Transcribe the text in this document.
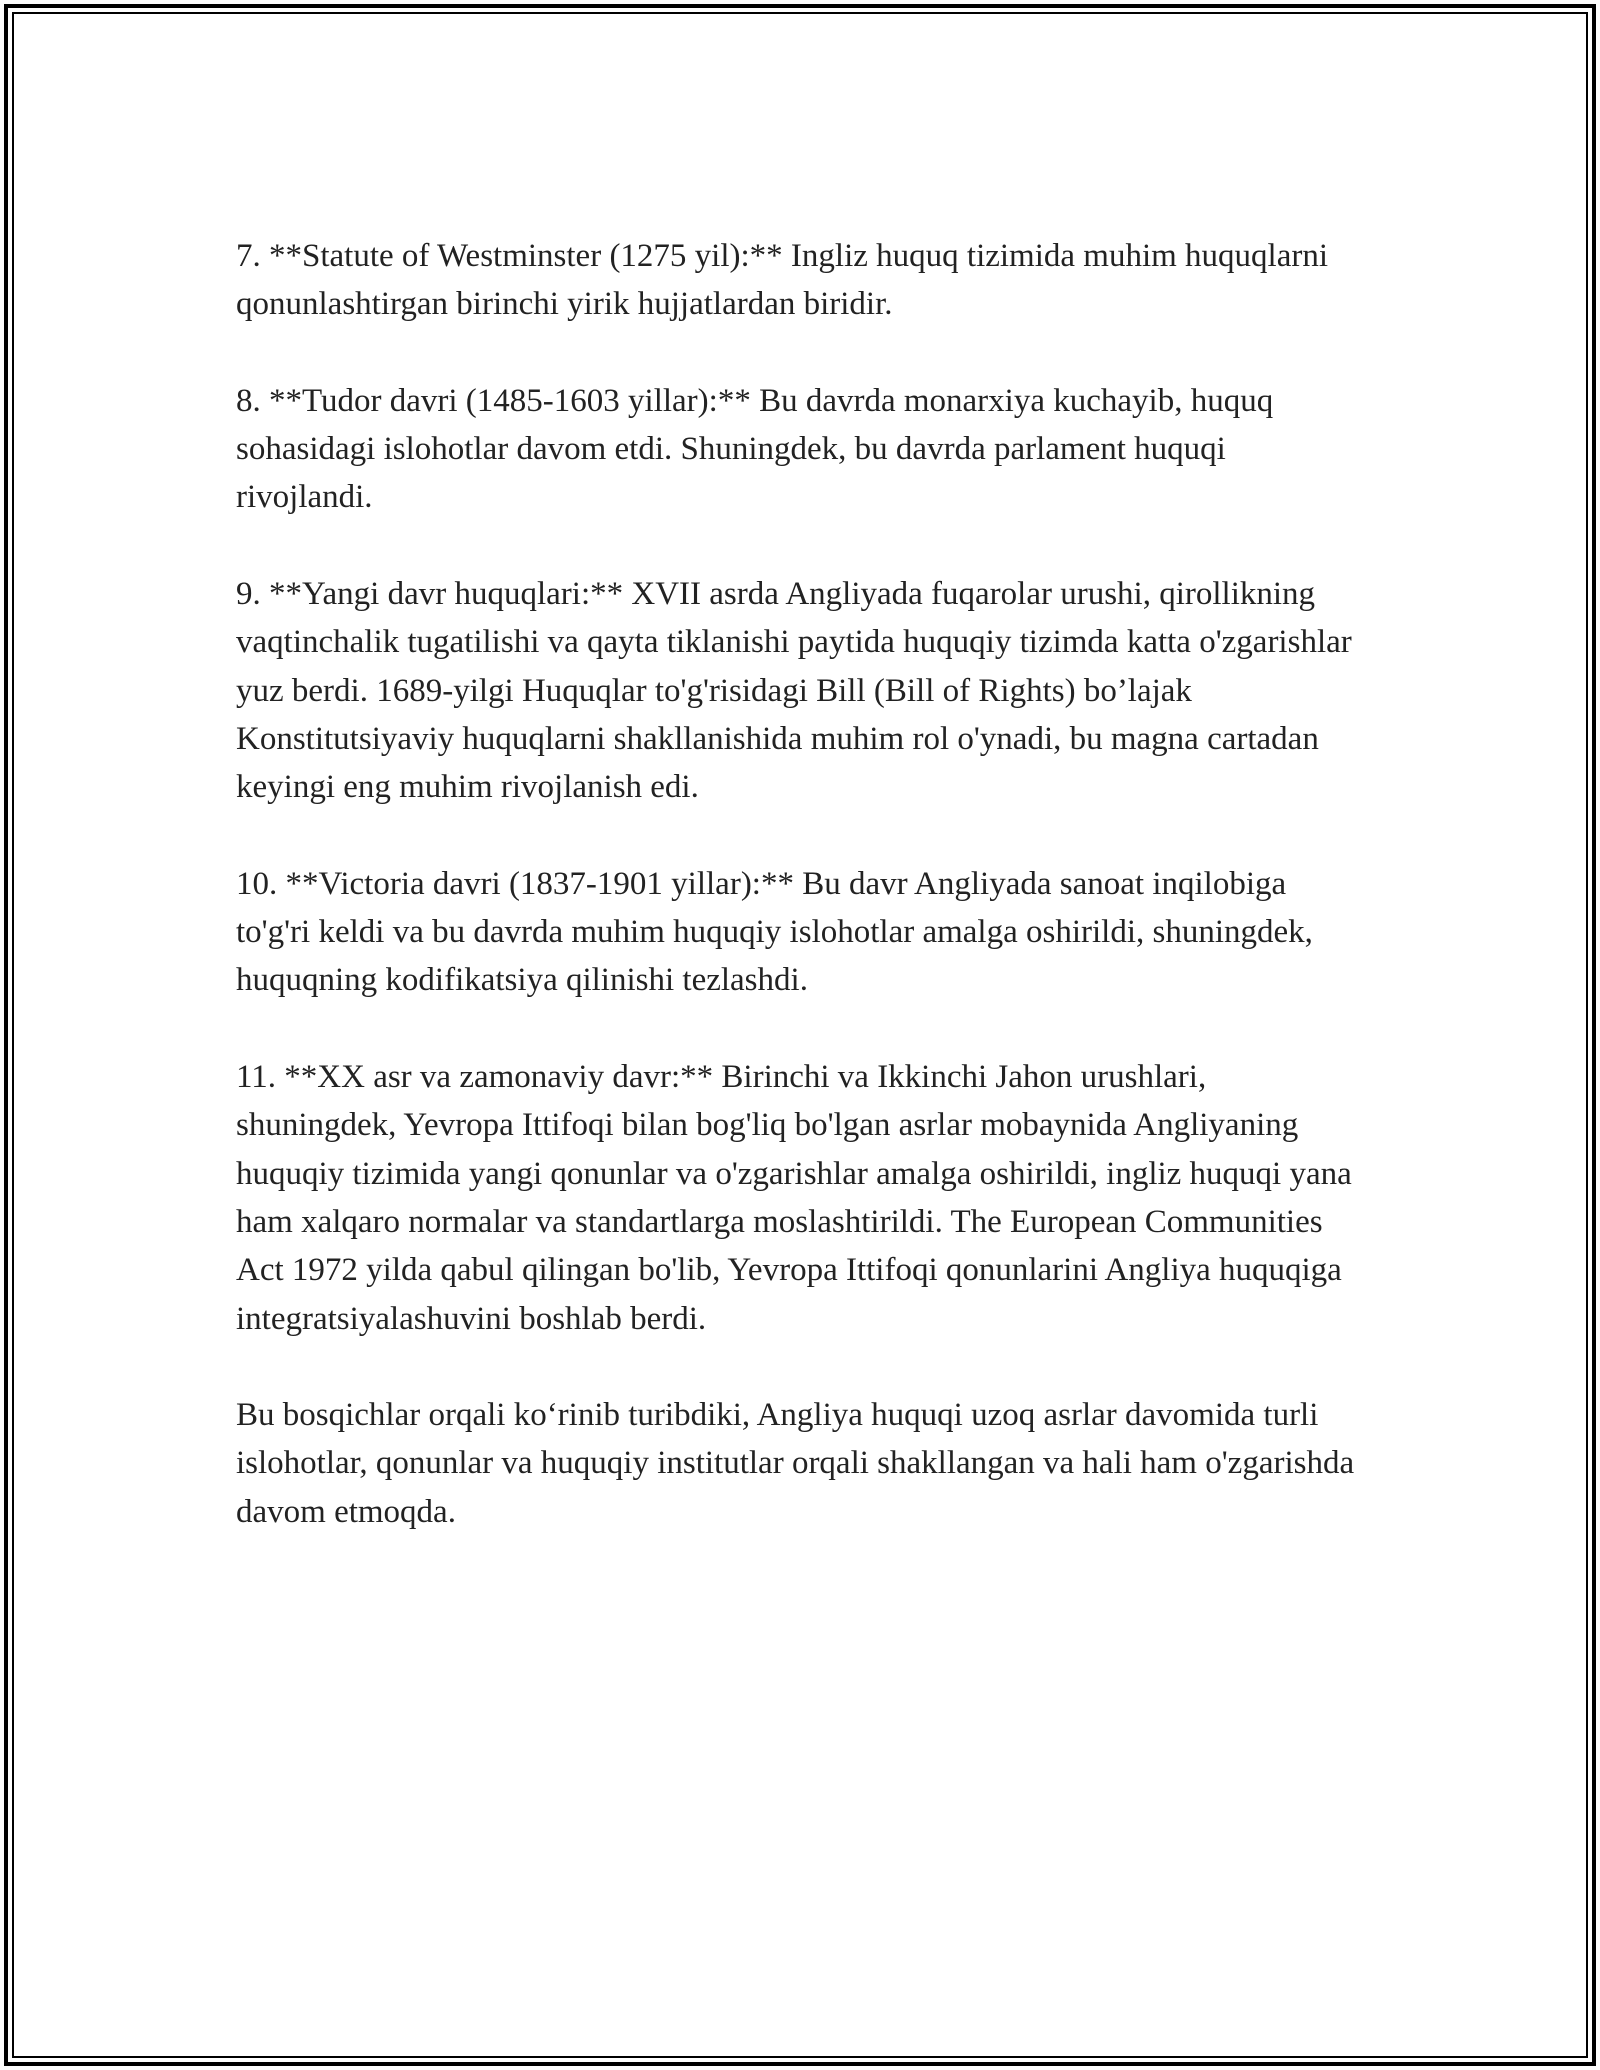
7. **Statute of Westminster (1275 yil):** Ingliz huquq tizimida muhim huquqlarni qonunlashtirgan birinchi yirik hujjatlardan biridir.

8. **Tudor davri (1485-1603 yillar):** Bu davrda monarxiya kuchayib, huquq sohasidagi islohotlar davom etdi. Shuningdek, bu davrda parlament huquqi rivojlandi.

9. **Yangi davr huquqlari:** XVII asrda Angliyada fuqarolar urushi, qirollikning vaqtinchalik tugatilishi va qayta tiklanishi paytida huquqiy tizimda katta o'zgarishlar yuz berdi. 1689-yilgi Huquqlar to'g'risidagi Bill (Bill of Rights) bo’lajak Konstitutsiyaviy huquqlarni shakllanishida muhim rol o'ynadi, bu magna cartadan keyingi eng muhim rivojlanish edi.

10. **Victoria davri (1837-1901 yillar):** Bu davr Angliyada sanoat inqilobiga to'g'ri keldi va bu davrda muhim huquqiy islohotlar amalga oshirildi, shuningdek, huquqning kodifikatsiya qilinishi tezlashdi.

11. **XX asr va zamonaviy davr:** Birinchi va Ikkinchi Jahon urushlari, shuningdek, Yevropa Ittifoqi bilan bog'liq bo'lgan asrlar mobaynida Angliyaning huquqiy tizimida yangi qonunlar va o'zgarishlar amalga oshirildi, ingliz huquqi yana ham xalqaro normalar va standartlarga moslashtirildi. The European Communities Act 1972 yilda qabul qilingan bo'lib, Yevropa Ittifoqi qonunlarini Angliya huquqiga integratsiyalashuvini boshlab berdi.

Bu bosqichlar orqali ko‘rinib turibdiki, Angliya huquqi uzoq asrlar davomida turli islohotlar, qonunlar va huquqiy institutlar orqali shakllangan va hali ham o'zgarishda davom etmoqda.
